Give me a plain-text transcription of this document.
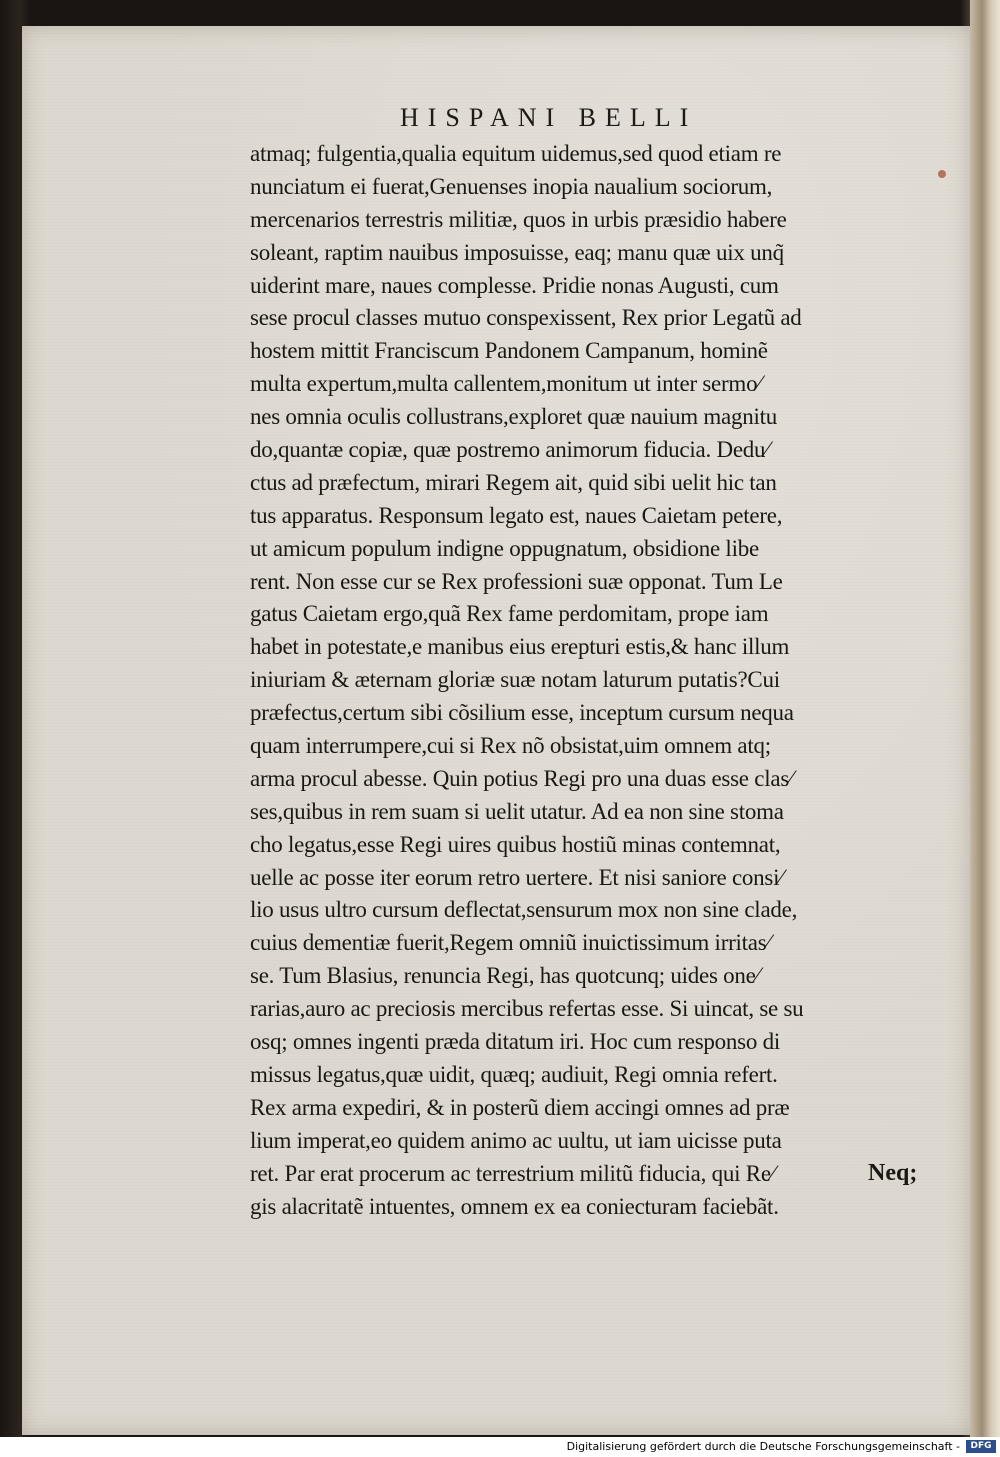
HISPANI BELLI
atmaq; fulgentia,qualia equitum uidemus,sed quod etiam re
nunciatum ei fuerat,Genuenses inopia naualium sociorum,
mercenarios terrestris militiæ, quos in urbis præsidio habere
soleant, raptim nauibus imposuisse, eaq; manu quæ uix unq̃
uiderint mare, naues complesse. Pridie nonas Augusti, cum
sese procul classes mutuo conspexissent, Rex prior Legatũ ad
hostem mittit Franciscum Pandonem Campanum, hominẽ
multa expertum,multa callentem,monitum ut inter sermo⁄
nes omnia oculis collustrans,exploret quæ nauium magnitu
do,quantæ copiæ, quæ postremo animorum fiducia. Dedu⁄
ctus ad præfectum, mirari Regem ait, quid sibi uelit hic tan
tus apparatus. Responsum legato est, naues Caietam petere,
ut amicum populum indigne oppugnatum, obsidione libe
rent. Non esse cur se Rex professioni suæ opponat. Tum Le
gatus Caietam ergo,quã Rex fame perdomitam, prope iam
habet in potestate,e manibus eius erepturi estis,& hanc illum
iniuriam & æternam gloriæ suæ notam laturum putatis?Cui
præfectus,certum sibi cõsilium esse, inceptum cursum nequa
quam interrumpere,cui si Rex nõ obsistat,uim omnem atq;
arma procul abesse. Quin potius Regi pro una duas esse clas⁄
ses,quibus in rem suam si uelit utatur. Ad ea non sine stoma
cho legatus,esse Regi uires quibus hostiũ minas contemnat,
uelle ac posse iter eorum retro uertere. Et nisi saniore consi⁄
lio usus ultro cursum deflectat,sensurum mox non sine clade,
cuius dementiæ fuerit,Regem omniũ inuictissimum irritas⁄
se. Tum Blasius, renuncia Regi, has quotcunq; uides one⁄
rarias,auro ac preciosis mercibus refertas esse. Si uincat, se su
osq; omnes ingenti præda ditatum iri. Hoc cum responso di
missus legatus,quæ uidit, quæq; audiuit, Regi omnia refert.
Rex arma expediri, & in posterũ diem accingi omnes ad præ
lium imperat,eo quidem animo ac uultu, ut iam uicisse puta
ret. Par erat procerum ac terrestrium militũ fiducia, qui Re⁄
gis alacritatẽ intuentes, omnem ex ea coniecturam faciebãt.
Neq;
Digitalisierung gefördert durch die Deutsche Forschungsgemeinschaft -	DFG
